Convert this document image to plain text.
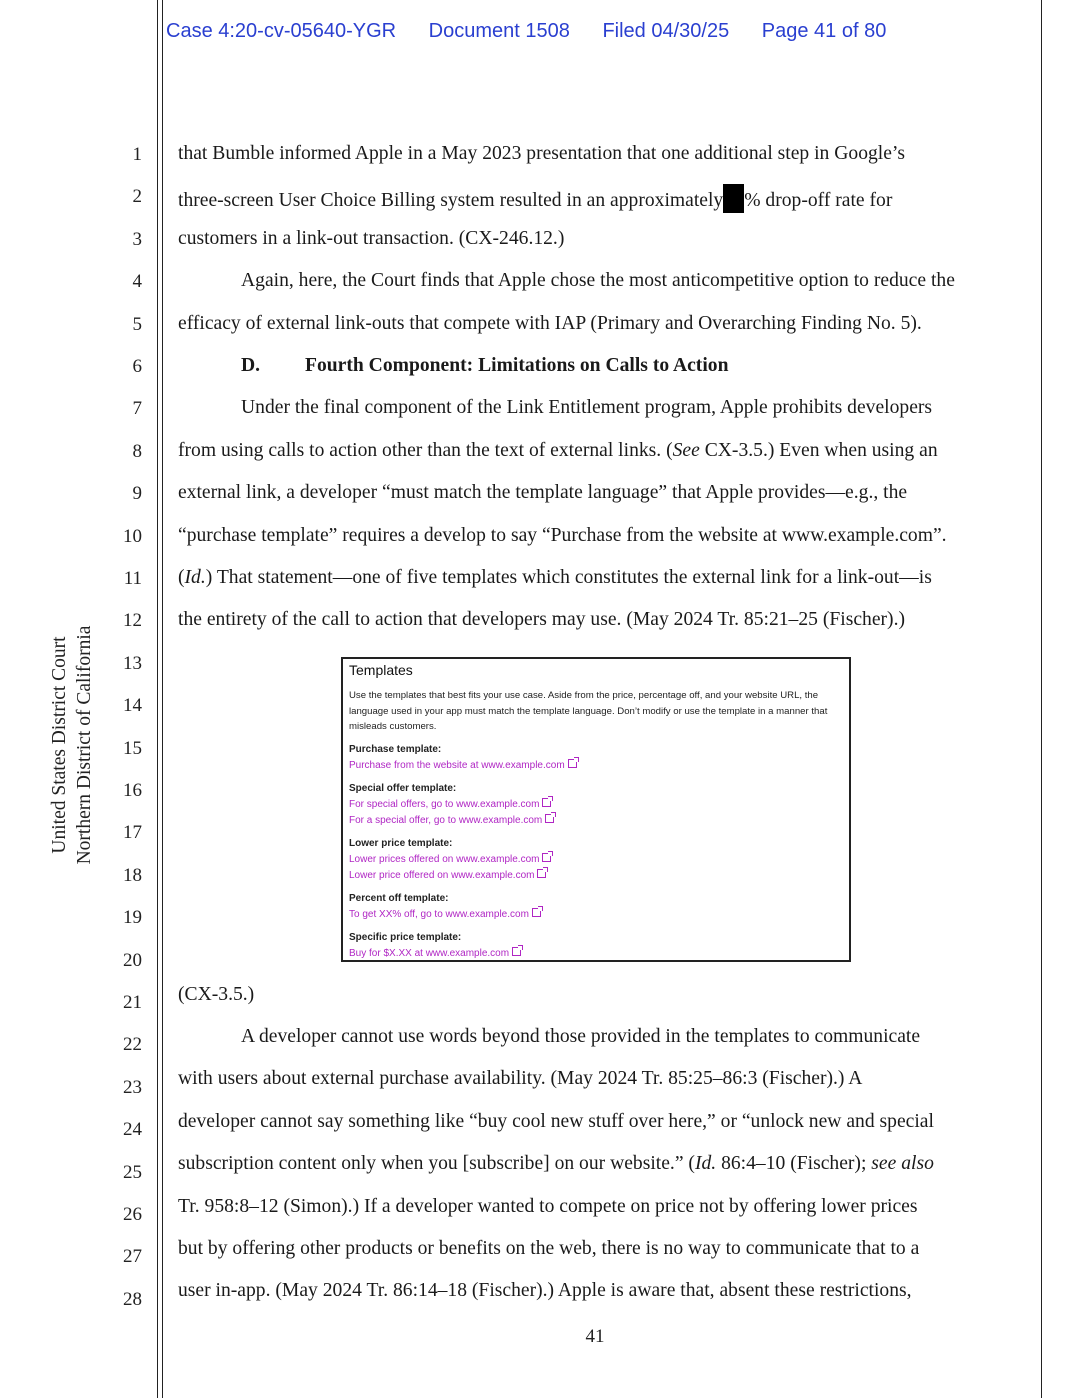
Case 4:20-cv-05640-YGR Document 1508 Filed 04/30/25 Page 41 of 80
United States District Court Northern District of California
1
2
3
4
5
6
7
8
9
10
11
12
13
14
15
16
17
18
19
20
21
22
23
24
25
26
27
28
that Bumble informed Apple in a May 2023 presentation that one additional step in Google’s
three-screen User Choice Billing system resulted in an approximately % drop-off rate for
customers in a link-out transaction. (CX-246.12.)
Again, here, the Court finds that Apple chose the most anticompetitive option to reduce the
efficacy of external link-outs that compete with IAP (Primary and Overarching Finding No. 5).
D. Fourth Component: Limitations on Calls to Action
Under the final component of the Link Entitlement program, Apple prohibits developers
from using calls to action other than the text of external links. (See CX-3.5.) Even when using an
external link, a developer “must match the template language” that Apple provides—e.g., the
“purchase template” requires a develop to say “Purchase from the website at www.example.com”.
(Id.) That statement—one of five templates which constitutes the external link for a link-out—is
the entirety of the call to action that developers may use. (May 2024 Tr. 85:21–25 (Fischer).)
Templates
Use the templates that best fits your use case. Aside from the price, percentage off, and your website URL, the language used in your app must match the template language. Don’t modify or use the template in a manner that misleads customers.
Purchase template:
Purchase from the website at www.example.com
Special offer template:
For special offers, go to www.example.com
For a special offer, go to www.example.com
Lower price template:
Lower prices offered on www.example.com
Lower price offered on www.example.com
Percent off template:
To get XX% off, go to www.example.com
Specific price template:
Buy for $X.XX at www.example.com
(CX-3.5.)
A developer cannot use words beyond those provided in the templates to communicate
with users about external purchase availability. (May 2024 Tr. 85:25–86:3 (Fischer).) A
developer cannot say something like “buy cool new stuff over here,” or “unlock new and special
subscription content only when you [subscribe] on our website.” (Id. 86:4–10 (Fischer); see also
Tr. 958:8–12 (Simon).) If a developer wanted to compete on price not by offering lower prices
but by offering other products or benefits on the web, there is no way to communicate that to a
user in-app. (May 2024 Tr. 86:14–18 (Fischer).) Apple is aware that, absent these restrictions,
41
